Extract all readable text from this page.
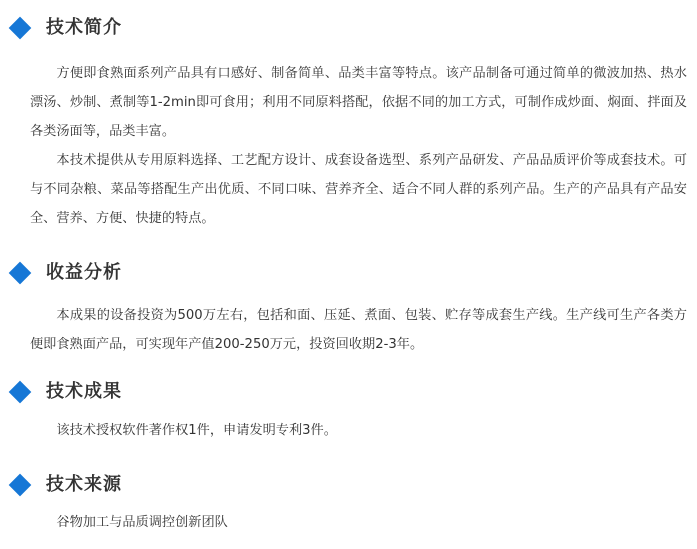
技术简介

方便即食熟面系列产品具有口感好、制备简单、品类丰富等特点。该产品制备可通过简单的微波加热、热水漂汤、炒制、煮制等1-2min即可食用；利用不同原料搭配，依据不同的加工方式，可制作成炒面、焖面、拌面及各类汤面等，品类丰富。

本技术提供从专用原料选择、工艺配方设计、成套设备选型、系列产品研发、产品品质评价等成套技术。可与不同杂粮、菜品等搭配生产出优质、不同口味、营养齐全、适合不同人群的系列产品。生产的产品具有产品安全、营养、方便、快捷的特点。

收益分析

本成果的设备投资为500万左右，包括和面、压延、煮面、包装、贮存等成套生产线。生产线可生产各类方便即食熟面产品，可实现年产值200-250万元，投资回收期2-3年。

技术成果

该技术授权软件著作权1件，申请发明专利3件。

技术来源

谷物加工与品质调控创新团队
